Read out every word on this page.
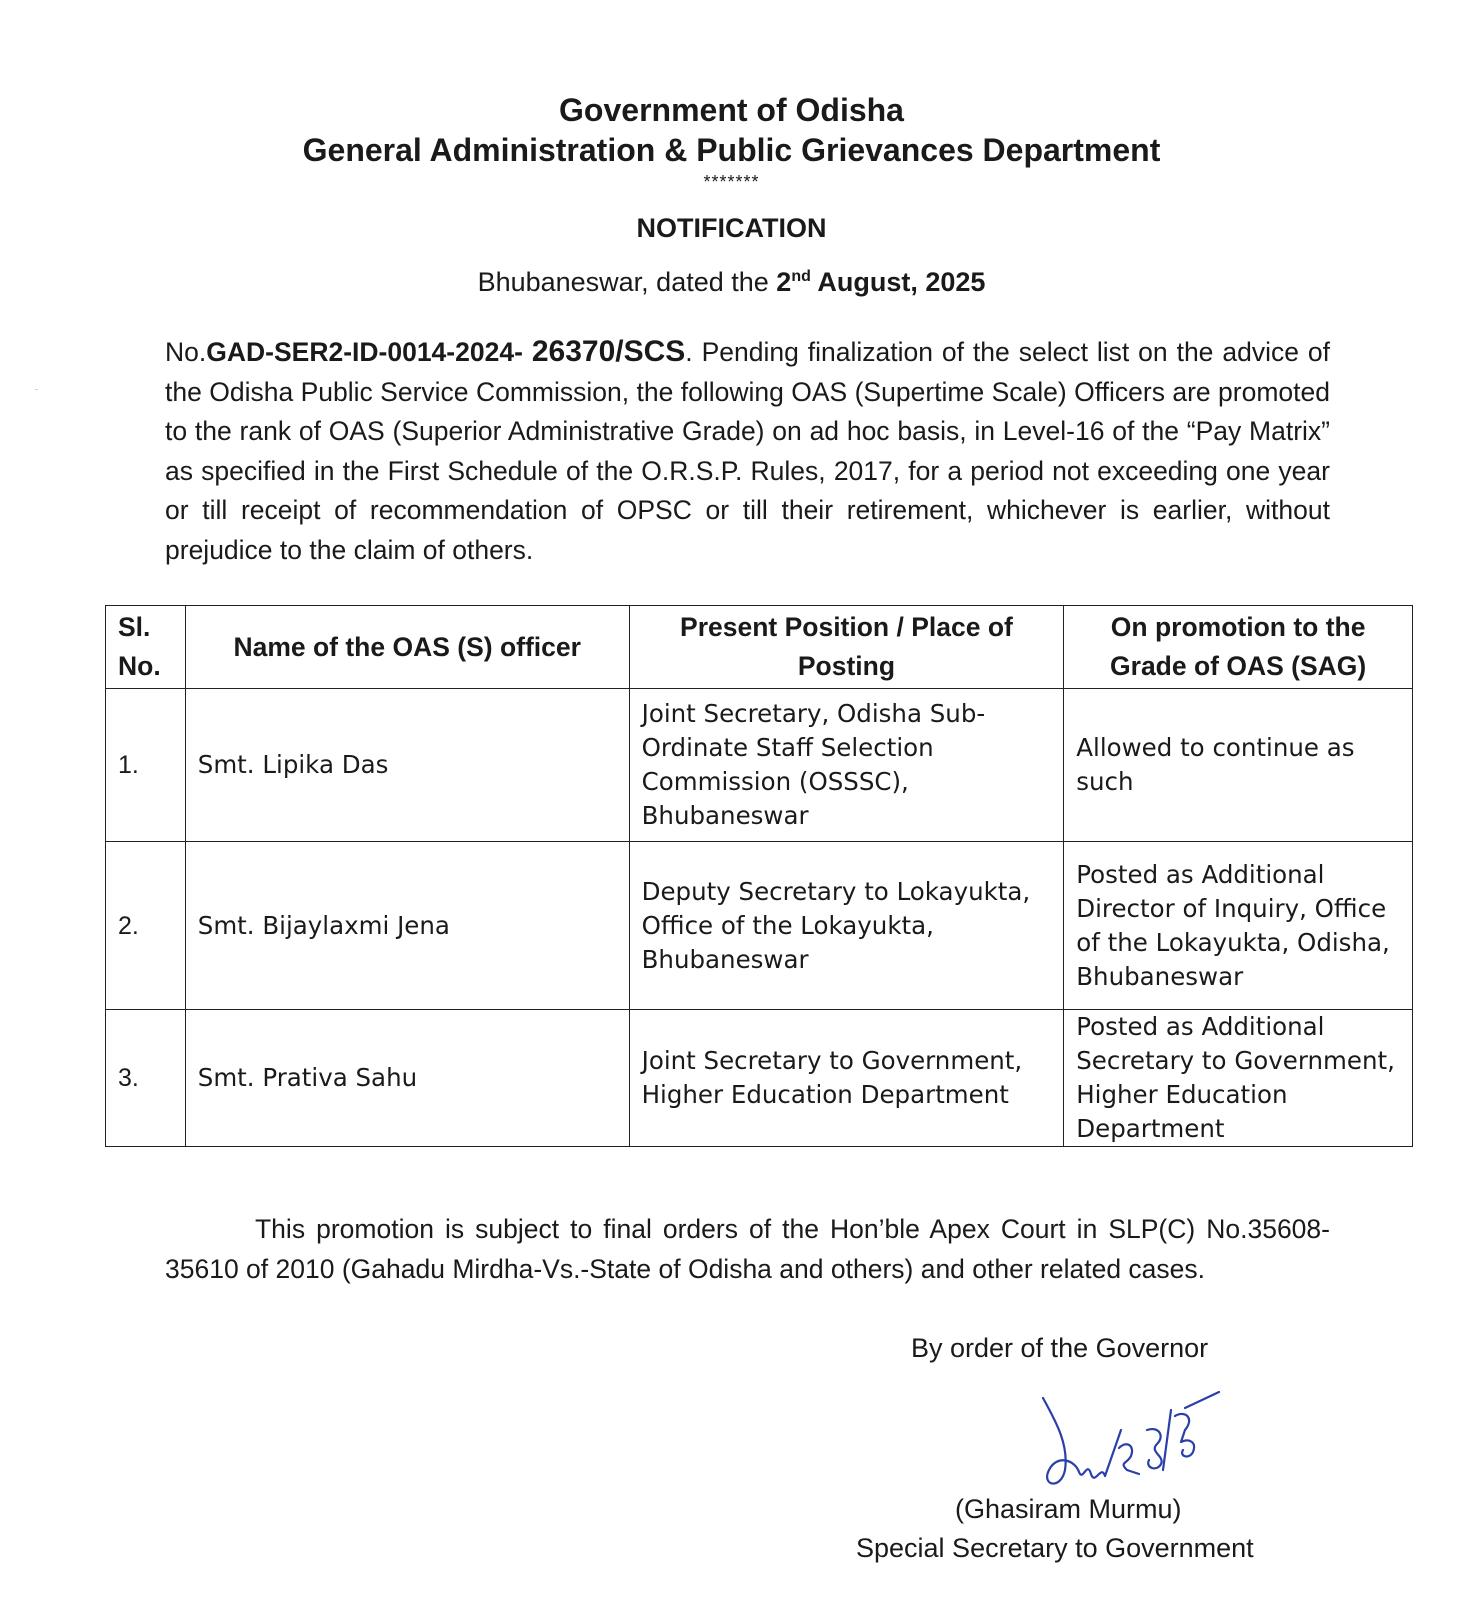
Government of Odisha
General Administration & Public Grievances Department
*******
NOTIFICATION
Bhubaneswar, dated the 2nd August, 2025
No.GAD-SER2-ID-0014-2024- 26370/SCS. Pending finalization of the select list on the advice of the Odisha Public Service Commission, the following OAS (Supertime Scale) Officers are promoted to the rank of OAS (Superior Administrative Grade) on ad hoc basis, in Level-16 of the “Pay Matrix” as specified in the First Schedule of the O.R.S.P. Rules, 2017, for a period not exceeding one year or till receipt of recommendation of OPSC or till their retirement, whichever is earlier, without prejudice to the claim of others.
Sl. No.	Name of the OAS (S) officer	Present Position / Place of Posting	On promotion to the Grade of OAS (SAG)
1.	Smt. Lipika Das	Joint Secretary, Odisha Sub-Ordinate Staff Selection Commission (OSSSC), Bhubaneswar	Allowed to continue as such
2.	Smt. Bijaylaxmi Jena	Deputy Secretary to Lokayukta, Office of the Lokayukta, Bhubaneswar	Posted as Additional Director of Inquiry, Office of the Lokayukta, Odisha, Bhubaneswar
3.	Smt. Prativa Sahu	Joint Secretary to Government, Higher Education Department	Posted as Additional Secretary to Government, Higher Education Department
This promotion is subject to final orders of the Hon’ble Apex Court in SLP(C) No.35608-35610 of 2010 (Gahadu Mirdha-Vs.-State of Odisha and others) and other related cases.
By order of the Governor
2/8/25
(Ghasiram Murmu)
Special Secretary to Government
